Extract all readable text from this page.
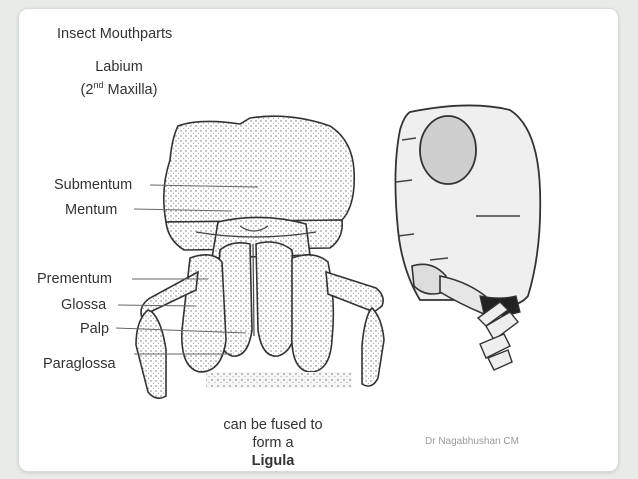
Insect Mouthparts
Labium
(2nd Maxilla)
Submentum
Mentum
Prementum
Glossa
Palp
Paraglossa
can be fused to
form a
Ligula
Dr Nagabhushan CM
